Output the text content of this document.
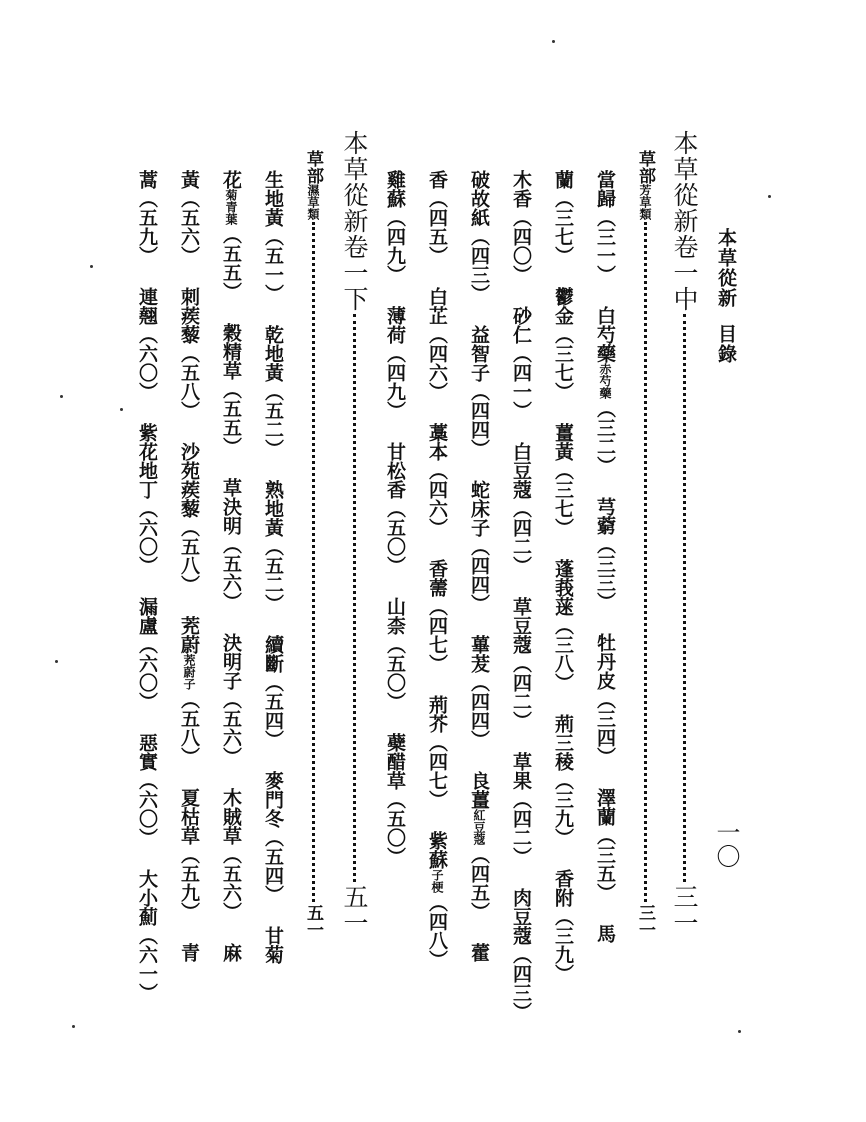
本草從新目錄
一〇
本草從新卷一中三一
草部芳草類三一
當歸（三一）白芍藥赤芍藥（三二）芎藭（三三）牡丹皮（三四）澤蘭（三五）馬
蘭（三七）鬱金（三七）薑黃（三七）蓬莪蒾（三八）荊三稜（三九）香附（三九）
木香（四〇）砂仁（四一）白豆蔻（四二）草豆蔻（四二）草果（四二）肉豆蔻（四三）
破故紙（四三）益智子（四四）蛇床子（四四）蓽茇（四四）良薑紅豆蔻（四五）藿
香（四五）白芷（四六）藁本（四六）香薷（四七）荊芥（四七）紫蘇子梗（四八）
雞蘇（四九）薄荷（四九）甘松香（五〇）山柰（五〇）蘗醋草（五〇）
本草從新卷一下五一
草部濕草類五一
生地黃（五一）乾地黃（五二）熟地黃（五二）續斷（五四）麥門冬（五四）甘菊
花菊青葉（五五）穀精草（五五）草決明（五六）決明子（五六）木賊草（五六）麻
黃（五六）刺蒺藜（五八）沙苑蒺藜（五八）茺蔚茺蔚子（五八）夏枯草（五九）青
蒿（五九）連翹（六〇）紫花地丁（六〇）漏盧（六〇）惡實（六〇）大小薊（六一）
